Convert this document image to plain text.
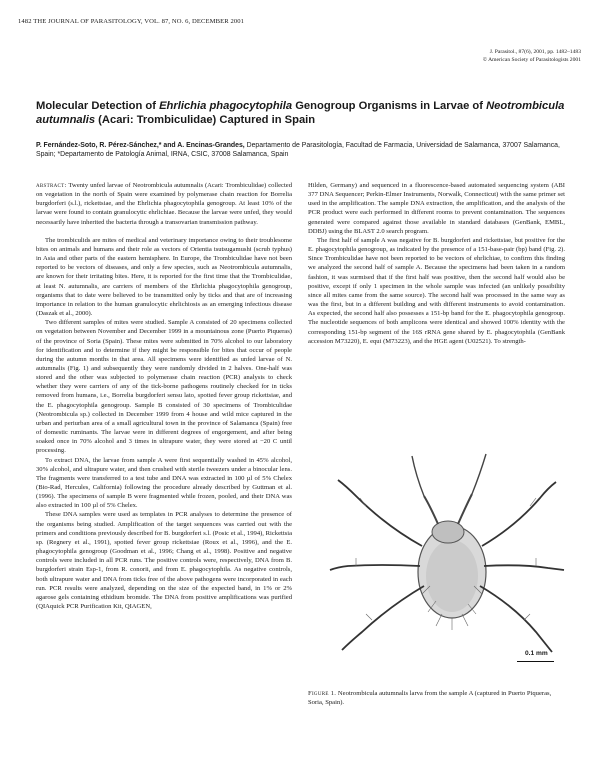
1482 THE JOURNAL OF PARASITOLOGY, VOL. 87, NO. 6, DECEMBER 2001
J. Parasitol., 87(6), 2001, pp. 1482–1483
© American Society of Parasitologists 2001
Molecular Detection of Ehrlichia phagocytophila Genogroup Organisms in Larvae of Neotrombicula autumnalis (Acari: Trombiculidae) Captured in Spain
P. Fernández-Soto, R. Pérez-Sánchez,* and A. Encinas-Grandes, Departamento de Parasitología, Facultad de Farmacia, Universidad de Salamanca, 37007 Salamanca, Spain; *Departamento de Patología Animal, IRNA, CSIC, 37008 Salamanca, Spain

abstract: Twenty unfed larvae of Neotrombicula autumnalis (Acari: Trombiculidae) collected on vegetation in the north of Spain were examined by polymerase chain reaction for Borrelia burgdorferi (s.l.), rickettsiae, and the Ehrlichia phagocytophila genogroup. At least 10% of the larvae were found to contain granulocytic ehrlichiae. Because the larvae were unfed, they would necessarily have inherited the bacteria through a transovarian transmission pathway.

The trombiculids are mites of medical and veterinary importance owing to their troublesome bites on animals and humans and their role as vectors of Orientia tsutsugamushi (scrub typhus) in Asia and other parts of the eastern hemisphere. In Europe, the Trombiculidae have not been reported to be vectors of diseases, and only a few species, such as Neotrombicula autumnalis, are known for their irritating bites. Here, it is reported for the first time that the Trombiculidae, at least N. autumnalis, are carriers of members of the Ehrlichia phagocytophila genogroup, organisms that to date were believed to be transmitted only by ticks and that are of increasing importance in relation to the human granulocytic ehrlichiosis as an emerging infectious disease (Daszak et al., 2000).

Two different samples of mites were studied. Sample A consisted of 20 specimens collected on vegetation between November and December 1999 in a mountainous zone (Puerto Piqueras) of the province of Soria (Spain). These mites were submitted in 70% alcohol to our laboratory for identification and to determine if they might be responsible for bites that occur of people during the autumn months in that area. All specimens were identified as unfed larvae of N. autumnalis (Fig. 1) and subsequently they were randomly divided in 2 halves. One-half was stored and the other was subjected to polymerase chain reaction (PCR) analysis to check whether they were carriers of any of the tick-borne pathogens routinely checked for in ticks removed from humans, i.e., Borrelia burgdorferi sensu lato, spotted fever group rickettsiae, and the E. phagocytophila genogroup. Sample B consisted of 30 specimens of Trombiculidae (Neotrombicula sp.) collected in December 1999 from 4 house and wild mice captured in the urban and periurban area of a small agricultural town in the province of Salamanca (Spain) free of domestic ruminants. The larvae were in different degrees of engorgement, and after being soaked once in 70% alcohol and 3 times in ultrapure water, they were stored at −20 C until processing.

To extract DNA, the larvae from sample A were first sequentially washed in 45% alcohol, 30% alcohol, and ultrapure water, and then crushed with sterile tweezers under a binocular lens. The fragments were transferred to a test tube and DNA was extracted in 100 µl of 5% Chelex (Bio-Rad, Hercules, California) following the procedure already described by Guttman et al. (1996). The specimens of sample B were fragmented while frozen, pooled, and their DNA was also extracted in 100 µl of 5% Chelex.

These DNA samples were used as templates in PCR analyses to determine the presence of the organisms being studied. Amplification of the target sequences was carried out with the primers and conditions previously described for B. burgdorferi s.l. (Posic et al., 1994), Rickettsia sp. (Regnery et al., 1991), spotted fever group rickettsiae (Roux et al., 1996), and the E. phagocytophila genogroup (Goodman et al., 1996; Chang et al., 1998). Positive and negative controls were included in all PCR runs. The positive controls were, respectively, DNA from B. burgdorferi strain Esp-1, from R. conorii, and from E. phagocytophila. As negative controls, both ultrapure water and DNA from ticks free of the above pathogens were incorporated in each run. PCR results were analyzed, depending on the size of the expected band, in 1% or 2% agarose gels containing ethidium bromide. The DNA from positive amplifications was purified (QIAquick PCR Purification Kit, QIAGEN,

Hilden, Germany) and sequenced in a fluorescence-based automated sequencing system (ABI 377 DNA Sequencer; Perkin-Elmer Instruments, Norwalk, Connecticut) with the same primer set used in the amplification. The sample DNA extraction, the amplification, and the analysis of the PCR product were each performed in different rooms to prevent contamination. The sequences generated were compared against those available in standard databases (GenBank, EMBL, DDBJ) using the BLAST 2.0 search program.

The first half of sample A was negative for B. burgdorferi and rickettsiae, but positive for the E. phagocytophila genogroup, as indicated by the presence of a 151-base-pair (bp) band (Fig. 2). Since Trombiculidae have not been reported to be vectors of ehrlichiae, to confirm this finding we analyzed the second half of sample A. Because the specimens had been taken in a random fashion, it was surmised that if the first half was positive, then the second half would also be positive, except if only 1 specimen in the whole sample was infected (an unlikely possibility since all mites came from the same source). The second half was processed in the same way as was the first, but in a different building and with different instruments to avoid contamination. As expected, the second half also possesses a 151-bp band for the E. phagocytophila genogroup. The nucleotide sequences of both amplicons were identical and showed 100% identity with the corresponding 151-bp segment of the 16S rRNA gene shared by E. phagocytophila (GenBank accession M73220), E. equi (M73223), and the HGE agent (U02521). To strength-

0.1 mm
Figure 1. Neotrombicula autumnalis larva from the sample A (captured in Puerto Piqueras, Soria, Spain).
